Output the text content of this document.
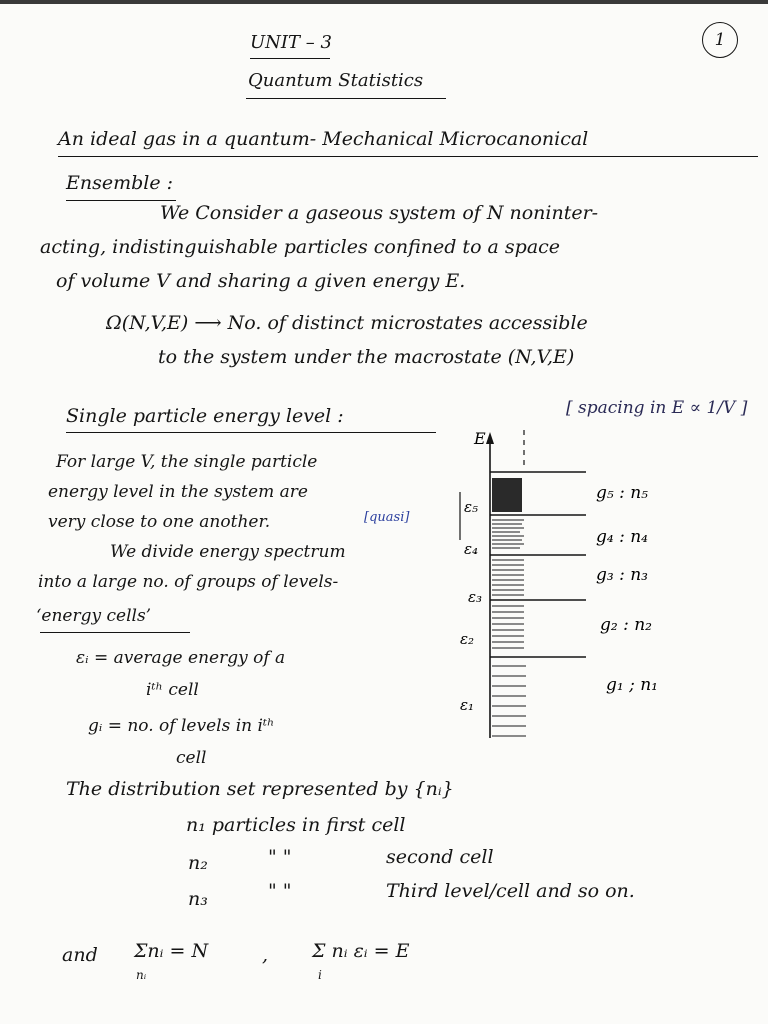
UNIT – 3
Quantum Statistics
1
An ideal gas in a quantum- Mechanical Microcanonical
Ensemble :
We Consider a gaseous system of N noninter-
acting, indistinguishable particles confined to a space
of volume V and sharing a given energy E.
Ω(N,V,E) ⟶ No. of distinct microstates accessible
to the system under the macrostate (N,V,E)
Single particle energy level :	[ spacing in E ∝ 1/V ]
For large V, the single particle
energy level in the system are
very close to one another.	[quasi]
We divide energy spectrum
into a large no. of groups of levels-
‘energy cells’
εᵢ = average energy of a
iᵗʰ cell
gᵢ = no. of levels in iᵗʰ
cell
E
ε₅
ε₄
ε₃
ε₂
ε₁
g₅ : n₅
g₄ : n₄
g₃ : n₃
g₂ : n₂
g₁ ; n₁
The distribution set represented by {nᵢ}
n₁ particles in first cell
n₂	" "	second cell
n₃	" "	Third level/cell and so on.
and Σnᵢ = N
nᵢ
, Σ nᵢ εᵢ = E
i
